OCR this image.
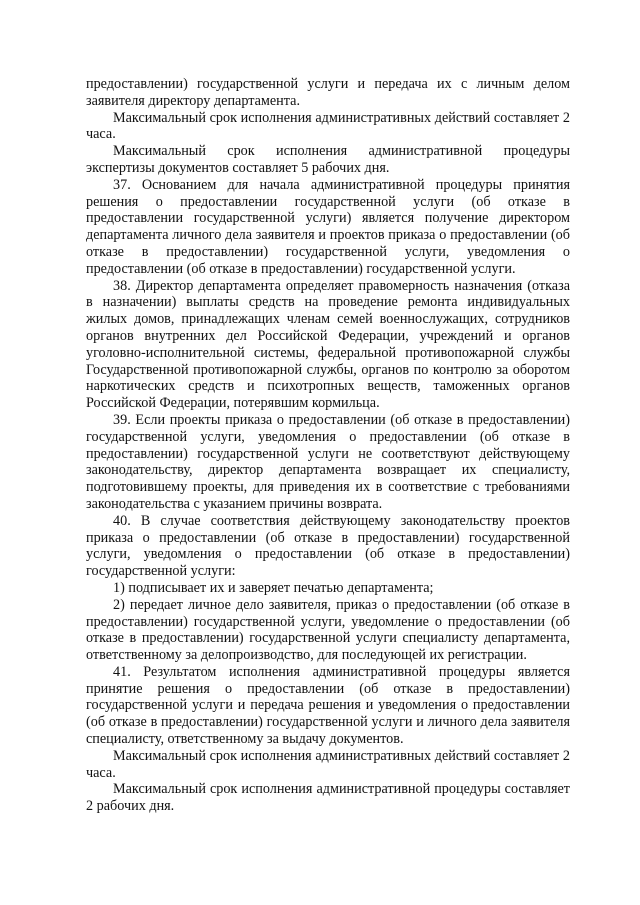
предоставлении) государственной услуги и передача их с личным делом заявителя директору департамента.

Максимальный срок исполнения административных действий составляет 2 часа.

Максимальный срок исполнения административной процедуры экспертизы документов составляет 5 рабочих дня.

37. Основанием для начала административной процедуры принятия решения о предоставлении государственной услуги (об отказе в предоставлении государственной услуги) является получение директором департамента личного дела заявителя и проектов приказа о предоставлении (об отказе в предоставлении) государственной услуги, уведомления о предоставлении (об отказе в предоставлении) государственной услуги.

38. Директор департамента определяет правомерность назначения (отказа в назначении) выплаты средств на проведение ремонта индивидуальных жилых домов, принадлежащих членам семей военнослужащих, сотрудников органов внутренних дел Российской Федерации, учреждений и органов уголовно-исполнительной системы, федеральной противопожарной службы Государственной противопожарной службы, органов по контролю за оборотом наркотических средств и психотропных веществ, таможенных органов Российской Федерации, потерявшим кормильца.

39. Если проекты приказа о предоставлении (об отказе в предоставлении) государственной услуги, уведомления о предоставлении (об отказе в предоставлении) государственной услуги не соответствуют действующему законодательству, директор департамента возвращает их специалисту, подготовившему проекты, для приведения их в соответствие с требованиями законодательства с указанием причины возврата.

40. В случае соответствия действующему законодательству проектов приказа о предоставлении (об отказе в предоставлении) государственной услуги, уведомления о предоставлении (об отказе в предоставлении) государственной услуги:

1) подписывает их и заверяет печатью департамента;

2) передает личное дело заявителя, приказ о предоставлении (об отказе в предоставлении) государственной услуги, уведомление о предоставлении (об отказе в предоставлении) государственной услуги специалисту департамента, ответственному за делопроизводство, для последующей их регистрации.

41. Результатом исполнения административной процедуры является принятие решения о предоставлении (об отказе в предоставлении) государственной услуги и передача решения и уведомления о предоставлении (об отказе в предоставлении) государственной услуги и личного дела заявителя специалисту, ответственному за выдачу документов.

Максимальный срок исполнения административных действий составляет 2 часа.

Максимальный срок исполнения административной процедуры составляет 2 рабочих дня.
